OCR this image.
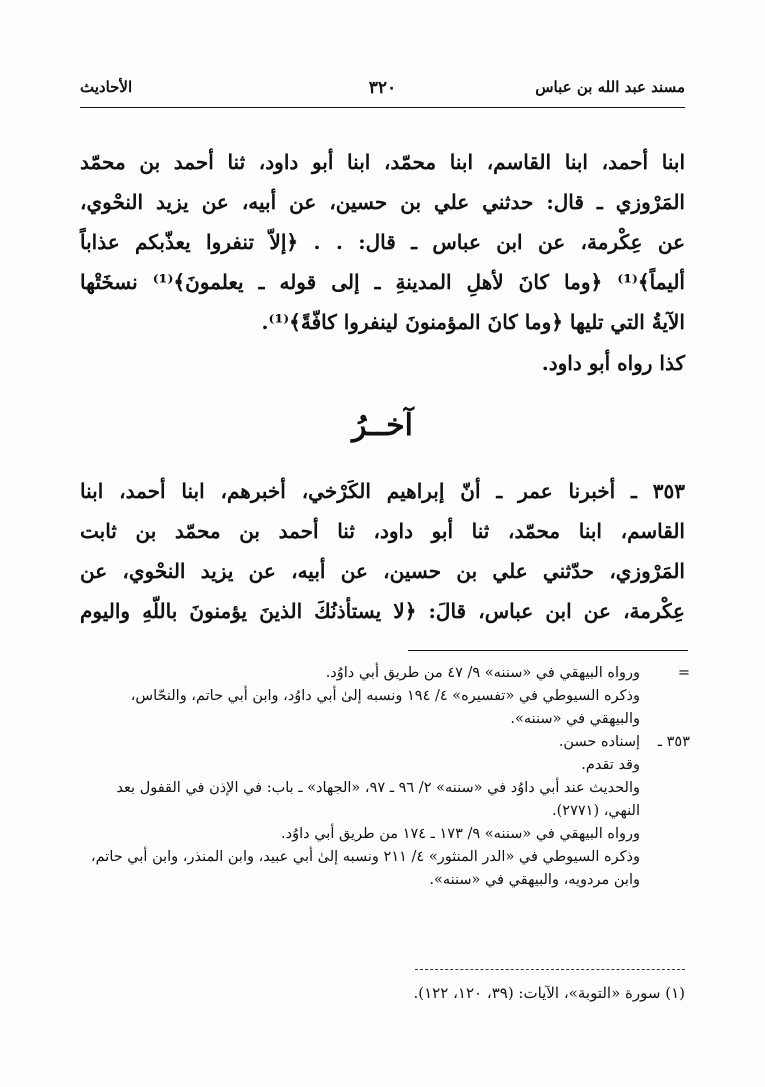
مسند عبد الله بن عباس
٣٢٠
الأحاديث
ابنا أحمد، ابنا القاسم، ابنا محمّد، ابنا أبو داود، ثنا أحمد بن محمّد
المَرْوزي ـ قال: حدثني علي بن حسين، عن أبيه، عن يزيد النحْوي،
عن عِكْرمة، عن ابن عباس ـ قال: . . ﴿إلاّ تنفروا يعذّبكم عذاباً
أليماً﴾⁽¹⁾ ﴿وما كانَ لأهلِ المدينةِ ـ إلى قوله ـ يعلمونَ﴾⁽¹⁾ نسخَتْها
الآيةُ التي تليها ﴿وما كانَ المؤمنونَ لينفروا كافّةً﴾⁽¹⁾.
كذا رواه أبو داود.
آخــرُ
٣٥٣ ـ أخبرنا عمر ـ أنّ إبراهيم الكَرْخي، أخبرهم، ابنا أحمد، ابنا
القاسم، ابنا محمّد، ثنا أبو داود، ثنا أحمد بن محمّد بن ثابت
المَرْوزي، حدّثني علي بن حسين، عن أبيه، عن يزيد النحْوي، عن
عِكْرمة، عن ابن عباس، قالَ: ﴿لا يستأذنُكَ الذينَ يؤمنونَ باللّهِ واليوم
=
ورواه البيهقي في «سننه» ٩/ ٤٧ من طريق أبي داوُد.
وذكره السيوطي في «تفسيره» ٤/ ١٩٤ ونسبه إلىٰ أبي داوُد، وابن أبي حاتم، والنحّاس، والبيهقي في «سننه».
٣٥٣ ـ
إسناده حسن.
وقد تقدم.
والحديث عند أبي داوُد في «سننه» ٢/ ٩٦ ـ ٩٧، «الجهاد» ـ باب: في الإذن في القفول بعد النهي، (٢٧٧١).
ورواه البيهقي في «سننه» ٩/ ١٧٣ ـ ١٧٤ من طريق أبي داوُد.
وذكره السيوطي في «الدر المنثور» ٤/ ٢١١ ونسبه إلىٰ أبي عبيد، وابن المنذر، وابن أبي حاتم، وابن مردويه، والبيهقي في «سننه».
(١) سورة «التوبة»، الآيات: (٣٩، ١٢٠، ١٢٢).
